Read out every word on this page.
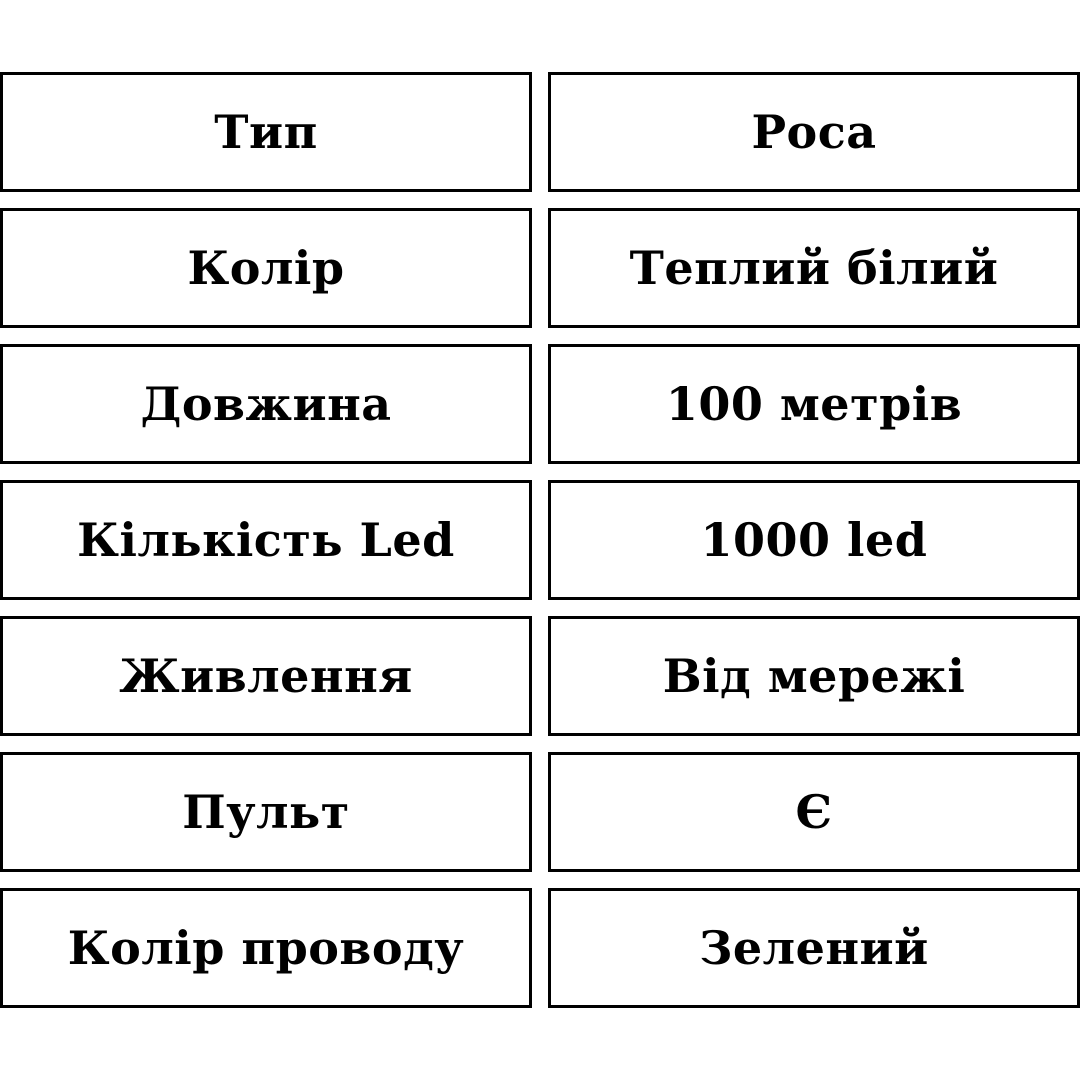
Тип	Роса
Колір	Теплий білий
Довжина	100 метрів
Кількість Led	1000 led
Живлення	Від мережі
Пульт	Є
Колір проводу	Зелений
